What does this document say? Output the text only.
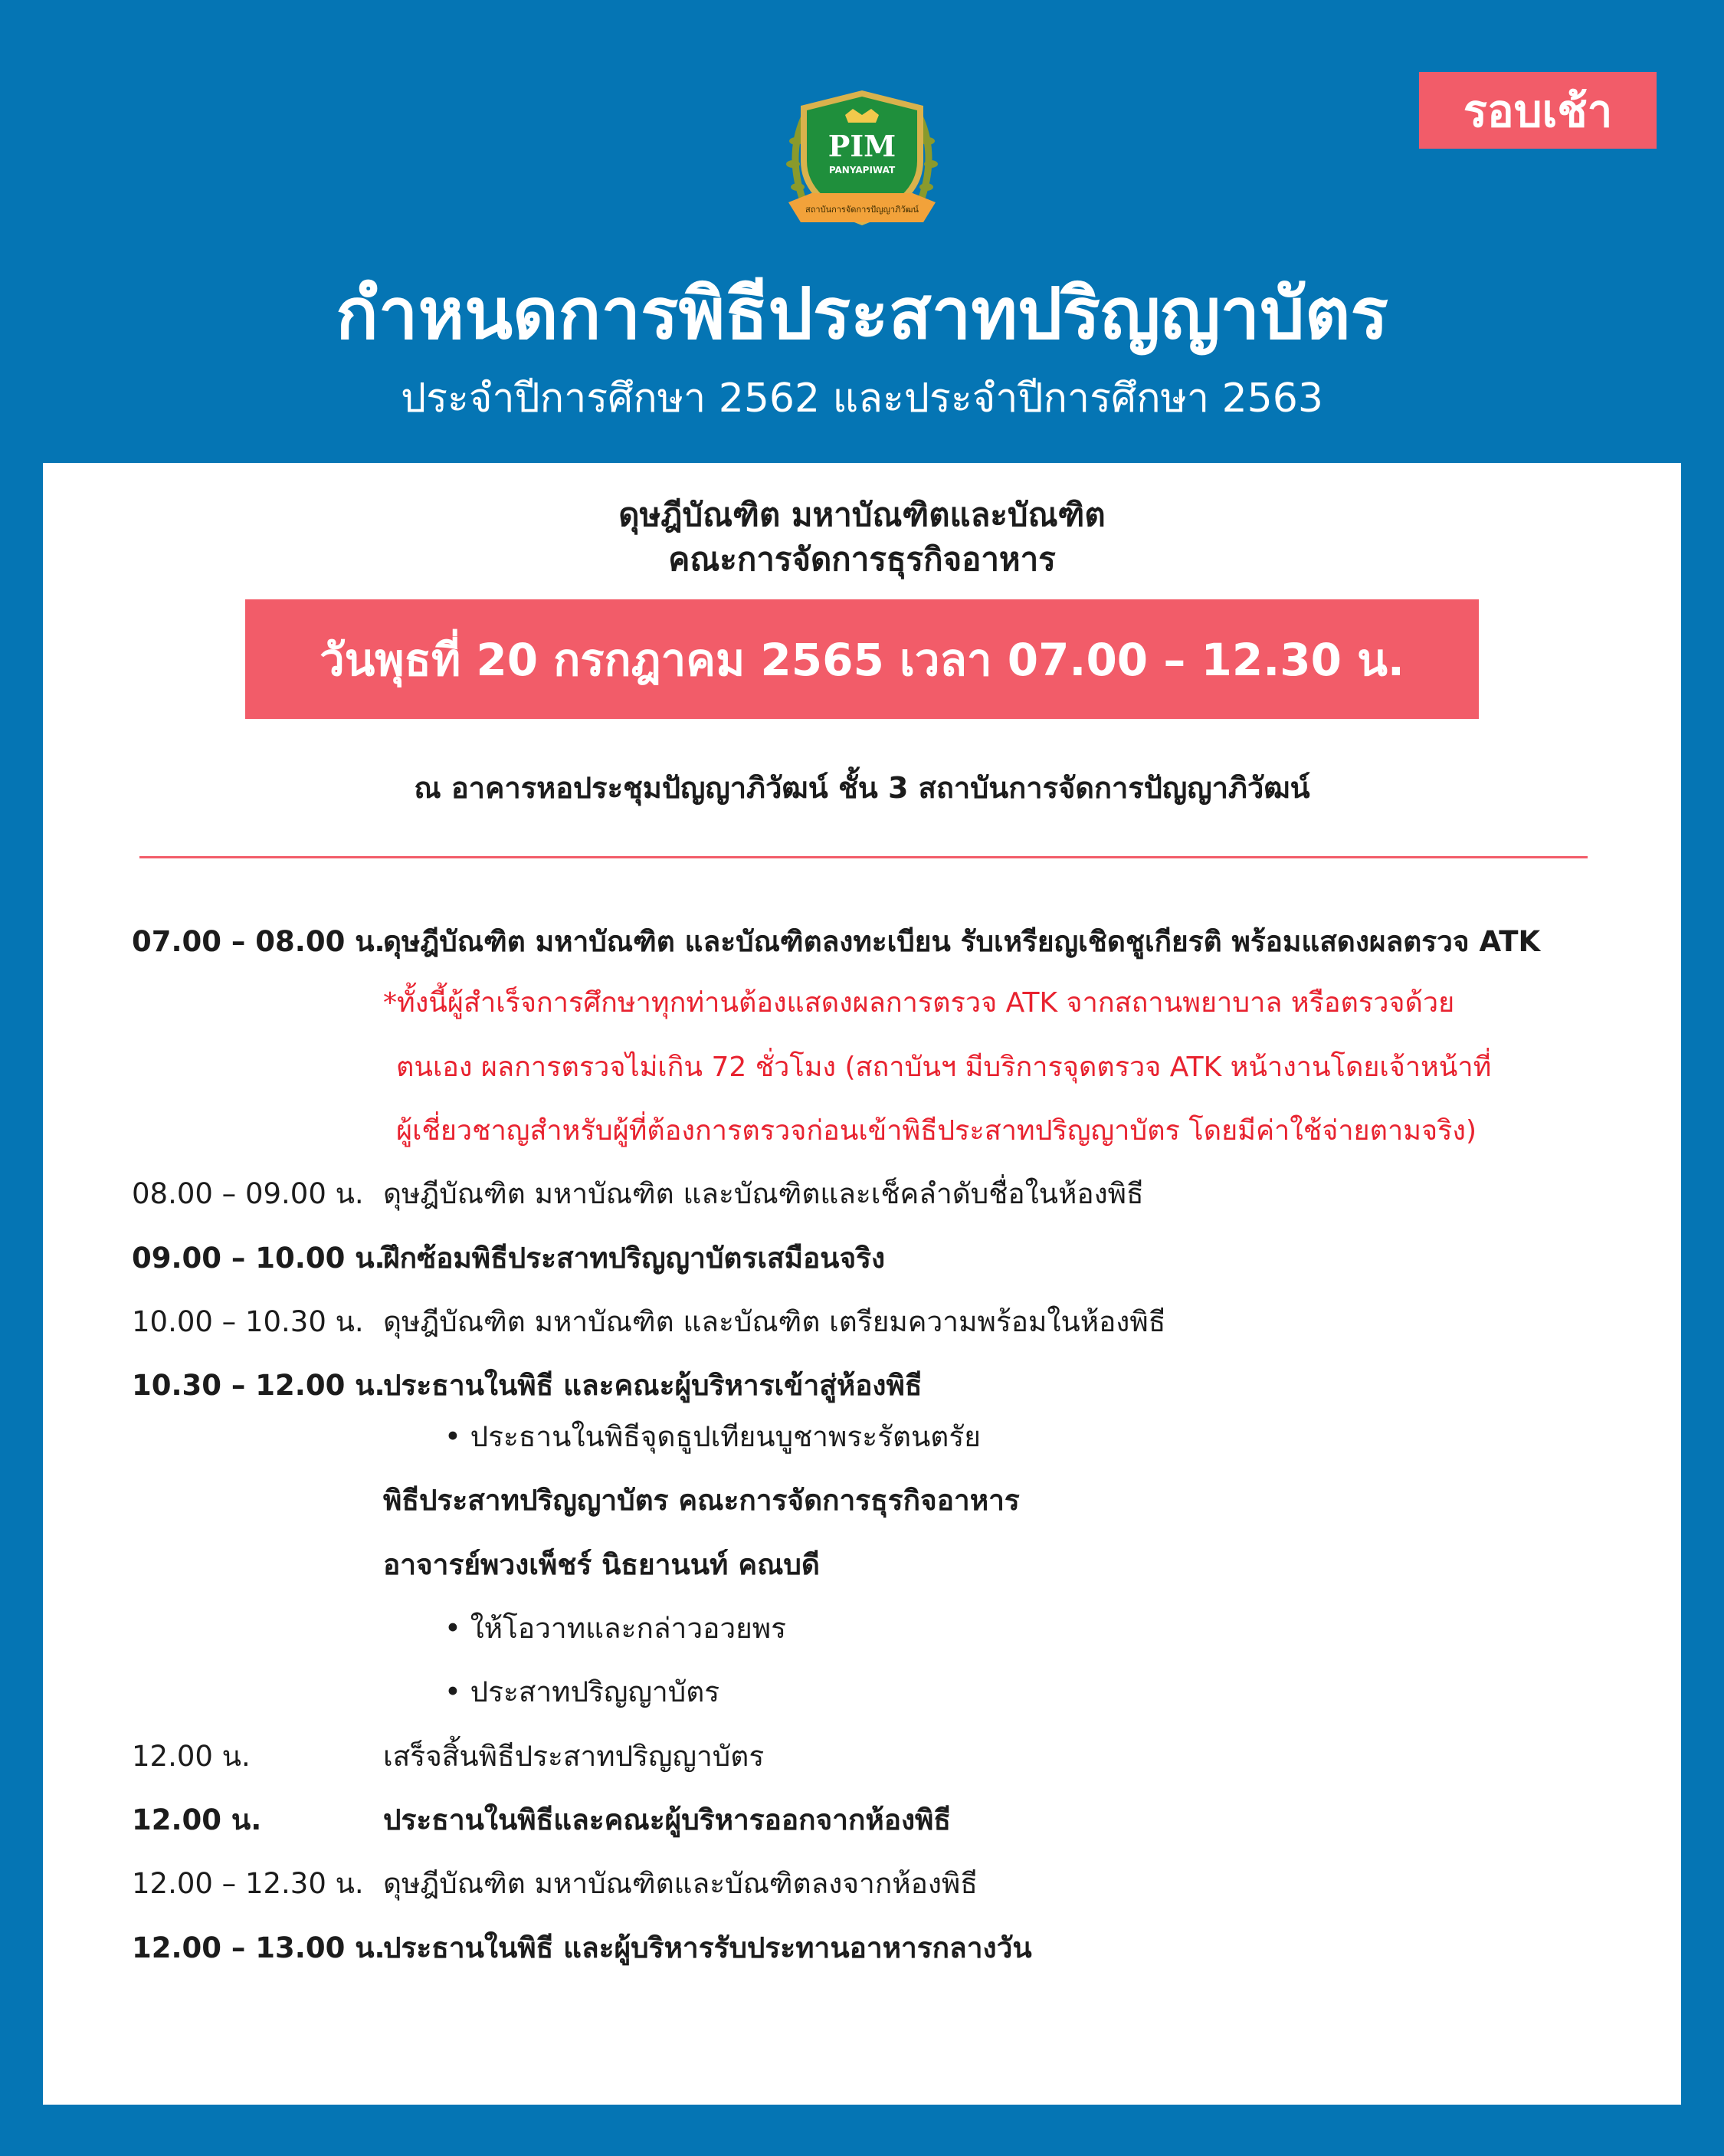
รอบเช้า
PIM
PANYAPIWAT
สถาบันการจัดการปัญญาภิวัฒน์
กำหนดการพิธีประสาทปริญญาบัตร
ประจำปีการศึกษา 2562 และประจำปีการศึกษา 2563
ดุษฎีบัณฑิต มหาบัณฑิตและบัณฑิต
คณะการจัดการธุรกิจอาหาร
วันพุธที่ 20 กรกฎาคม 2565 เวลา 07.00 – 12.30 น.
ณ อาคารหอประชุมปัญญาภิวัฒน์ ชั้น 3 สถาบันการจัดการปัญญาภิวัฒน์
07.00 – 08.00 น.
ดุษฎีบัณฑิต มหาบัณฑิต และบัณฑิตลงทะเบียน รับเหรียญเชิดชูเกียรติ พร้อมแสดงผลตรวจ ATK
*ทั้งนี้ผู้สำเร็จการศึกษาทุกท่านต้องแสดงผลการตรวจ ATK จากสถานพยาบาล หรือตรวจด้วย
ตนเอง ผลการตรวจไม่เกิน 72 ชั่วโมง (สถาบันฯ มีบริการจุดตรวจ ATK หน้างานโดยเจ้าหน้าที่
ผู้เชี่ยวชาญสำหรับผู้ที่ต้องการตรวจก่อนเข้าพิธีประสาทปริญญาบัตร โดยมีค่าใช้จ่ายตามจริง)
08.00 – 09.00 น. ดุษฎีบัณฑิต มหาบัณฑิต และบัณฑิตและเช็คลำดับชื่อในห้องพิธี
09.00 – 10.00 น.
ฝึกซ้อมพิธีประสาทปริญญาบัตรเสมือนจริง
10.00 – 10.30 น. ดุษฎีบัณฑิต มหาบัณฑิต และบัณฑิต เตรียมความพร้อมในห้องพิธี
10.30 – 12.00 น.
ประธานในพิธี และคณะผู้บริหารเข้าสู่ห้องพิธี
• ประธานในพิธีจุดธูปเทียนบูชาพระรัตนตรัย
พิธีประสาทปริญญาบัตร คณะการจัดการธุรกิจอาหาร
อาจารย์พวงเพ็ชร์ นิธยานนท์ คณบดี
• ให้โอวาทและกล่าวอวยพร
• ประสาทปริญญาบัตร
12.00 น.	เสร็จสิ้นพิธีประสาทปริญญาบัตร
12.00 น.	ประธานในพิธีและคณะผู้บริหารออกจากห้องพิธี
12.00 – 12.30 น. ดุษฎีบัณฑิต มหาบัณฑิตและบัณฑิตลงจากห้องพิธี
12.00 – 13.00 น.
ประธานในพิธี และผู้บริหารรับประทานอาหารกลางวัน
